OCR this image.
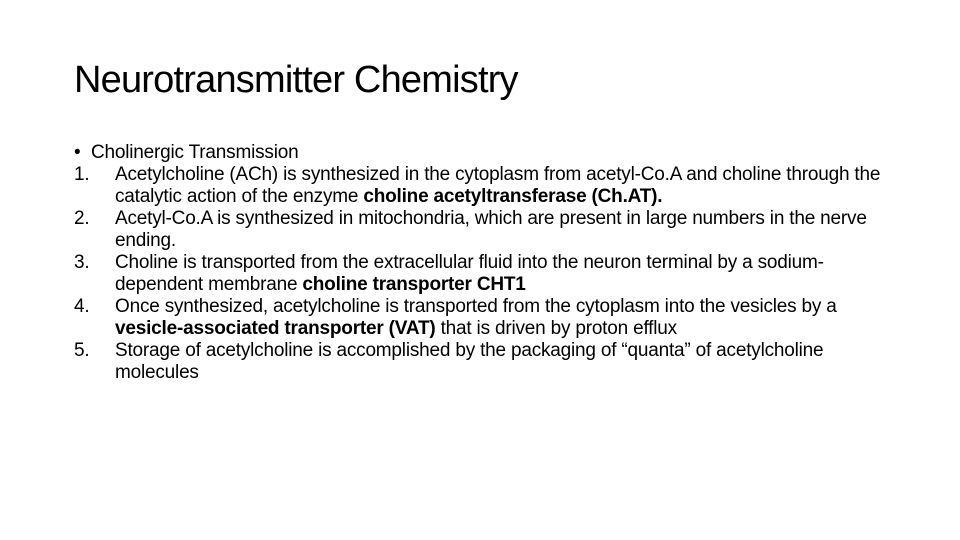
Neurotransmitter Chemistry
• Cholinergic Transmission
1. Acetylcholine (ACh) is synthesized in the cytoplasm from acetyl-Co.A and choline through the catalytic action of the enzyme choline acetyltransferase (Ch.AT).
2. Acetyl-Co.A is synthesized in mitochondria, which are present in large numbers in the nerve ending.
3. Choline is transported from the extracellular fluid into the neuron terminal by a sodium-dependent membrane choline transporter CHT1
4. Once synthesized, acetylcholine is transported from the cytoplasm into the vesicles by a vesicle-associated transporter (VAT) that is driven by proton efflux
5. Storage of acetylcholine is accomplished by the packaging of “quanta” of acetylcholine molecules
